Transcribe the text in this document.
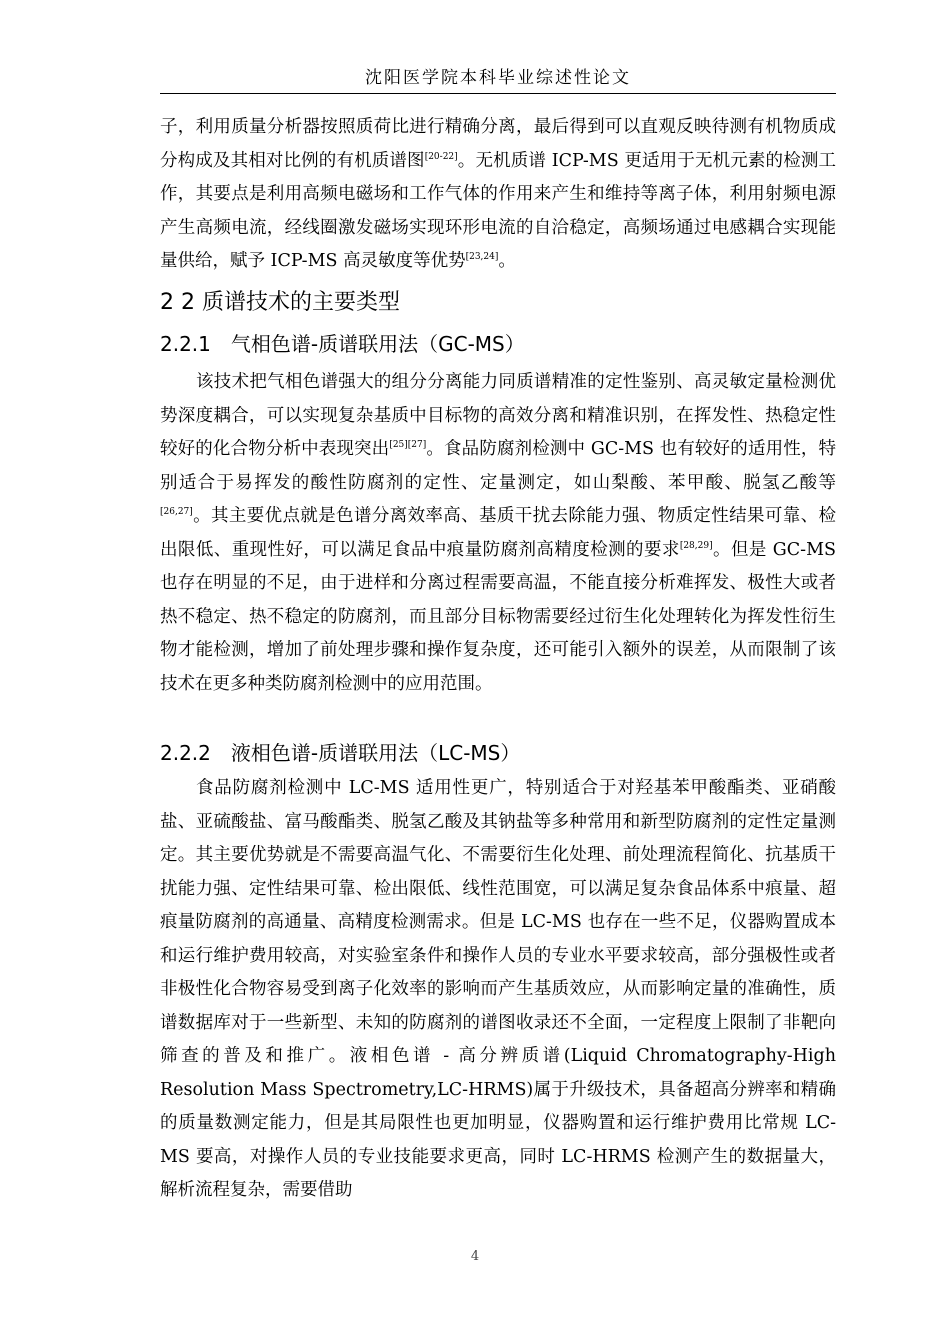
沈阳医学院本科毕业综述性论文

子，利用质量分析器按照质荷比进行精确分离，最后得到可以直观反映待测有机物质成分构成及其相对比例的有机质谱图[20-22]。无机质谱 ICP-MS 更适用于无机元素的检测工作，其要点是利用高频电磁场和工作气体的作用来产生和维持等离子体，利用射频电源产生高频电流，经线圈激发磁场实现环形电流的自洽稳定，高频场通过电感耦合实现能量供给，赋予 ICP-MS 高灵敏度等优势[23,24]。

2 2 质谱技术的主要类型
2.2.1　气相色谱-质谱联用法（GC-MS）

该技术把气相色谱强大的组分分离能力同质谱精准的定性鉴别、高灵敏定量检测优势深度耦合，可以实现复杂基质中目标物的高效分离和精准识别，在挥发性、热稳定性较好的化合物分析中表现突出[25][27]。食品防腐剂检测中 GC-MS 也有较好的适用性，特别适合于易挥发的酸性防腐剂的定性、定量测定，如山梨酸、苯甲酸、脱氢乙酸等[26,27]。其主要优点就是色谱分离效率高、基质干扰去除能力强、物质定性结果可靠、检出限低、重现性好，可以满足食品中痕量防腐剂高精度检测的要求[28,29]。但是 GC-MS 也存在明显的不足，由于进样和分离过程需要高温，不能直接分析难挥发、极性大或者热不稳定、热不稳定的防腐剂，而且部分目标物需要经过衍生化处理转化为挥发性衍生物才能检测，增加了前处理步骤和操作复杂度，还可能引入额外的误差，从而限制了该技术在更多种类防腐剂检测中的应用范围。

2.2.2　液相色谱-质谱联用法（LC-MS）

食品防腐剂检测中 LC-MS 适用性更广，特别适合于对羟基苯甲酸酯类、亚硝酸盐、亚硫酸盐、富马酸酯类、脱氢乙酸及其钠盐等多种常用和新型防腐剂的定性定量测定。其主要优势就是不需要高温气化、不需要衍生化处理、前处理流程简化、抗基质干扰能力强、定性结果可靠、检出限低、线性范围宽，可以满足复杂食品体系中痕量、超痕量防腐剂的高通量、高精度检测需求。但是 LC-MS 也存在一些不足，仪器购置成本和运行维护费用较高，对实验室条件和操作人员的专业水平要求较高，部分强极性或者非极性化合物容易受到离子化效率的影响而产生基质效应，从而影响定量的准确性，质谱数据库对于一些新型、未知的防腐剂的谱图收录还不全面，一定程度上限制了非靶向筛查的普及和推广。液相色谱 - 高分辨质谱(Liquid Chromatography-High Resolution Mass Spectrometry,LC-HRMS)属于升级技术，具备超高分辨率和精确的质量数测定能力，但是其局限性也更加明显，仪器购置和运行维护费用比常规 LC-MS 要高，对操作人员的专业技能要求更高，同时 LC-HRMS 检测产生的数据量大，解析流程复杂，需要借助

4
